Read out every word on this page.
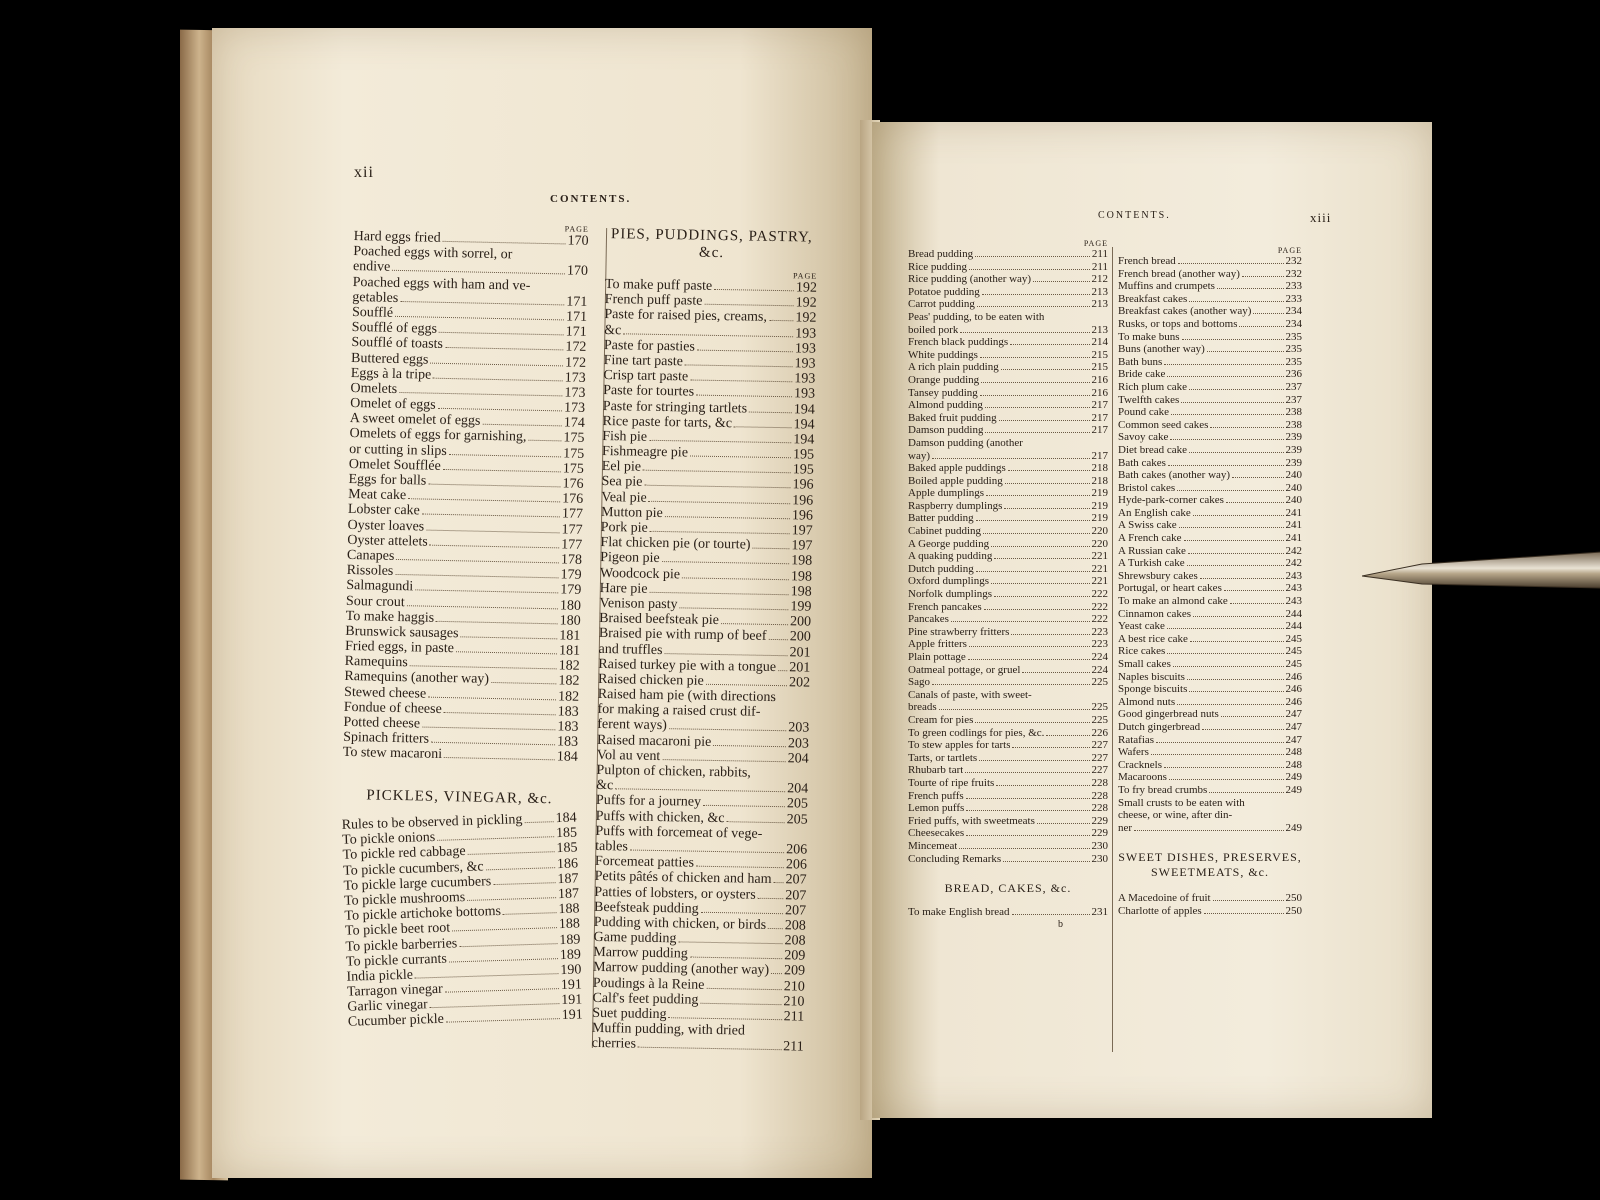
xii
CONTENTS.
PAGE
Hard eggs fried	170
Poached eggs with sorrel, or
endive	170
Poached eggs with ham and ve-
getables	171
Soufflé	171
Soufflé of eggs	171
Soufflé of toasts	172
Buttered eggs	172
Eggs à la tripe	173
Omelets	173
Omelet of eggs	173
A sweet omelet of eggs	174
Omelets of eggs for garnishing,	175
or cutting in slips	175
Omelet Soufflée	175
Eggs for balls	176
Meat cake	176
Lobster cake	177
Oyster loaves	177
Oyster attelets	177
Canapes	178
Rissoles	179
Salmagundi	179
Sour crout	180
To make haggis	180
Brunswick sausages	181
Fried eggs, in paste	181
Ramequins	182
Ramequins (another way)	182
Stewed cheese	182
Fondue of cheese	183
Potted cheese	183
Spinach fritters	183
To stew macaroni	184
PICKLES, VINEGAR, &c.
Rules to be observed in pickling 184
To pickle onions	185
To pickle red cabbage	185
To pickle cucumbers, &c	186
To pickle large cucumbers	187
To pickle mushrooms	187
To pickle artichoke bottoms	188
To pickle beet root	188
To pickle barberries	189
To pickle currants	189
India pickle	190
Tarragon vinegar	191
Garlic vinegar	191
Cucumber pickle	191
PIES, PUDDINGS, PASTRY, &c.
PAGE
To make puff paste	192
French puff paste	192
Paste for raised pies, creams, 192
&c	193
Paste for pasties	193
Fine tart paste	193
Crisp tart paste	193
Paste for tourtes	193
Paste for stringing tartlets	194
Rice paste for tarts, &c	194
Fish pie	194
Fishmeagre pie	195
Eel pie	195
Sea pie	196
Veal pie	196
Mutton pie	196
Pork pie	197
Flat chicken pie (or tourte)	197
Pigeon pie	198
Woodcock pie	198
Hare pie	198
Venison pasty	199
Braised beefsteak pie	200
Braised pie with rump of beef 200
and truffles	201
Raised turkey pie with a tongue 201
Raised chicken pie	202
Raised ham pie (with directions
for making a raised crust dif-
ferent ways)	203
Raised macaroni pie	203
Vol au vent	204
Pulpton of chicken, rabbits,
&c	204
Puffs for a journey	205
Puffs with chicken, &c	205
Puffs with forcemeat of vege-
tables	206
Forcemeat patties	206
Petits pâtés of chicken and ham 207
Patties of lobsters, or oysters 207
Beefsteak pudding	207
Pudding with chicken, or birds 208
Game pudding	208
Marrow pudding	209
Marrow pudding (another way) 209
Poudings à la Reine	210
Calf's feet pudding	210
Suet pudding	211
Muffin pudding, with dried
cherries	211
CONTENTS.	xiii
PAGE
Bread pudding	211
Rice pudding	211
Rice pudding (another way)	212
Potatoe pudding	213
Carrot pudding	213
Peas' pudding, to be eaten with
boiled pork	213
French black puddings	214
White puddings	215
A rich plain pudding	215
Orange pudding	216
Tansey pudding	216
Almond pudding	217
Baked fruit pudding	217
Damson pudding	217
Damson pudding (another
way)	217
Baked apple puddings	218
Boiled apple pudding	218
Apple dumplings	219
Raspberry dumplings	219
Batter pudding	219
Cabinet pudding	220
A George pudding	220
A quaking pudding	221
Dutch pudding	221
Oxford dumplings	221
Norfolk dumplings	222
French pancakes	222
Pancakes	222
Pine strawberry fritters	223
Apple fritters	223
Plain pottage	224
Oatmeal pottage, or gruel	224
Sago	225
Canals of paste, with sweet-
breads	225
Cream for pies	225
To green codlings for pies, &c.	226
To stew apples for tarts	227
Tarts, or tartlets	227
Rhubarb tart	227
Tourte of ripe fruits	228
French puffs	228
Lemon puffs	228
Fried puffs, with sweetmeats	229
Cheesecakes	229
Mincemeat	230
Concluding Remarks	230
BREAD, CAKES, &c.
To make English bread	231
b
PAGE
French bread	232
French bread (another way)	232
Muffins and crumpets	233
Breakfast cakes	233
Breakfast cakes (another way)	234
Rusks, or tops and bottoms	234
To make buns	235
Buns (another way)	235
Bath buns	235
Bride cake	236
Rich plum cake	237
Twelfth cakes	237
Pound cake	238
Common seed cakes	238
Savoy cake	239
Diet bread cake	239
Bath cakes	239
Bath cakes (another way)	240
Bristol cakes	240
Hyde-park-corner cakes	240
An English cake	241
A Swiss cake	241
A French cake	241
A Russian cake	242
A Turkish cake	242
Shrewsbury cakes	243
Portugal, or heart cakes	243
To make an almond cake	243
Cinnamon cakes	244
Yeast cake	244
A best rice cake	245
Rice cakes	245
Small cakes	245
Naples biscuits	246
Sponge biscuits	246
Almond nuts	246
Good gingerbread nuts	247
Dutch gingerbread	247
Ratafias	247
Wafers	248
Cracknels	248
Macaroons	249
To fry bread crumbs	249
Small crusts to be eaten with
cheese, or wine, after din-
ner	249
SWEET DISHES, PRESERVES, SWEETMEATS, &c.
A Macedoine of fruit	250
Charlotte of apples	250
